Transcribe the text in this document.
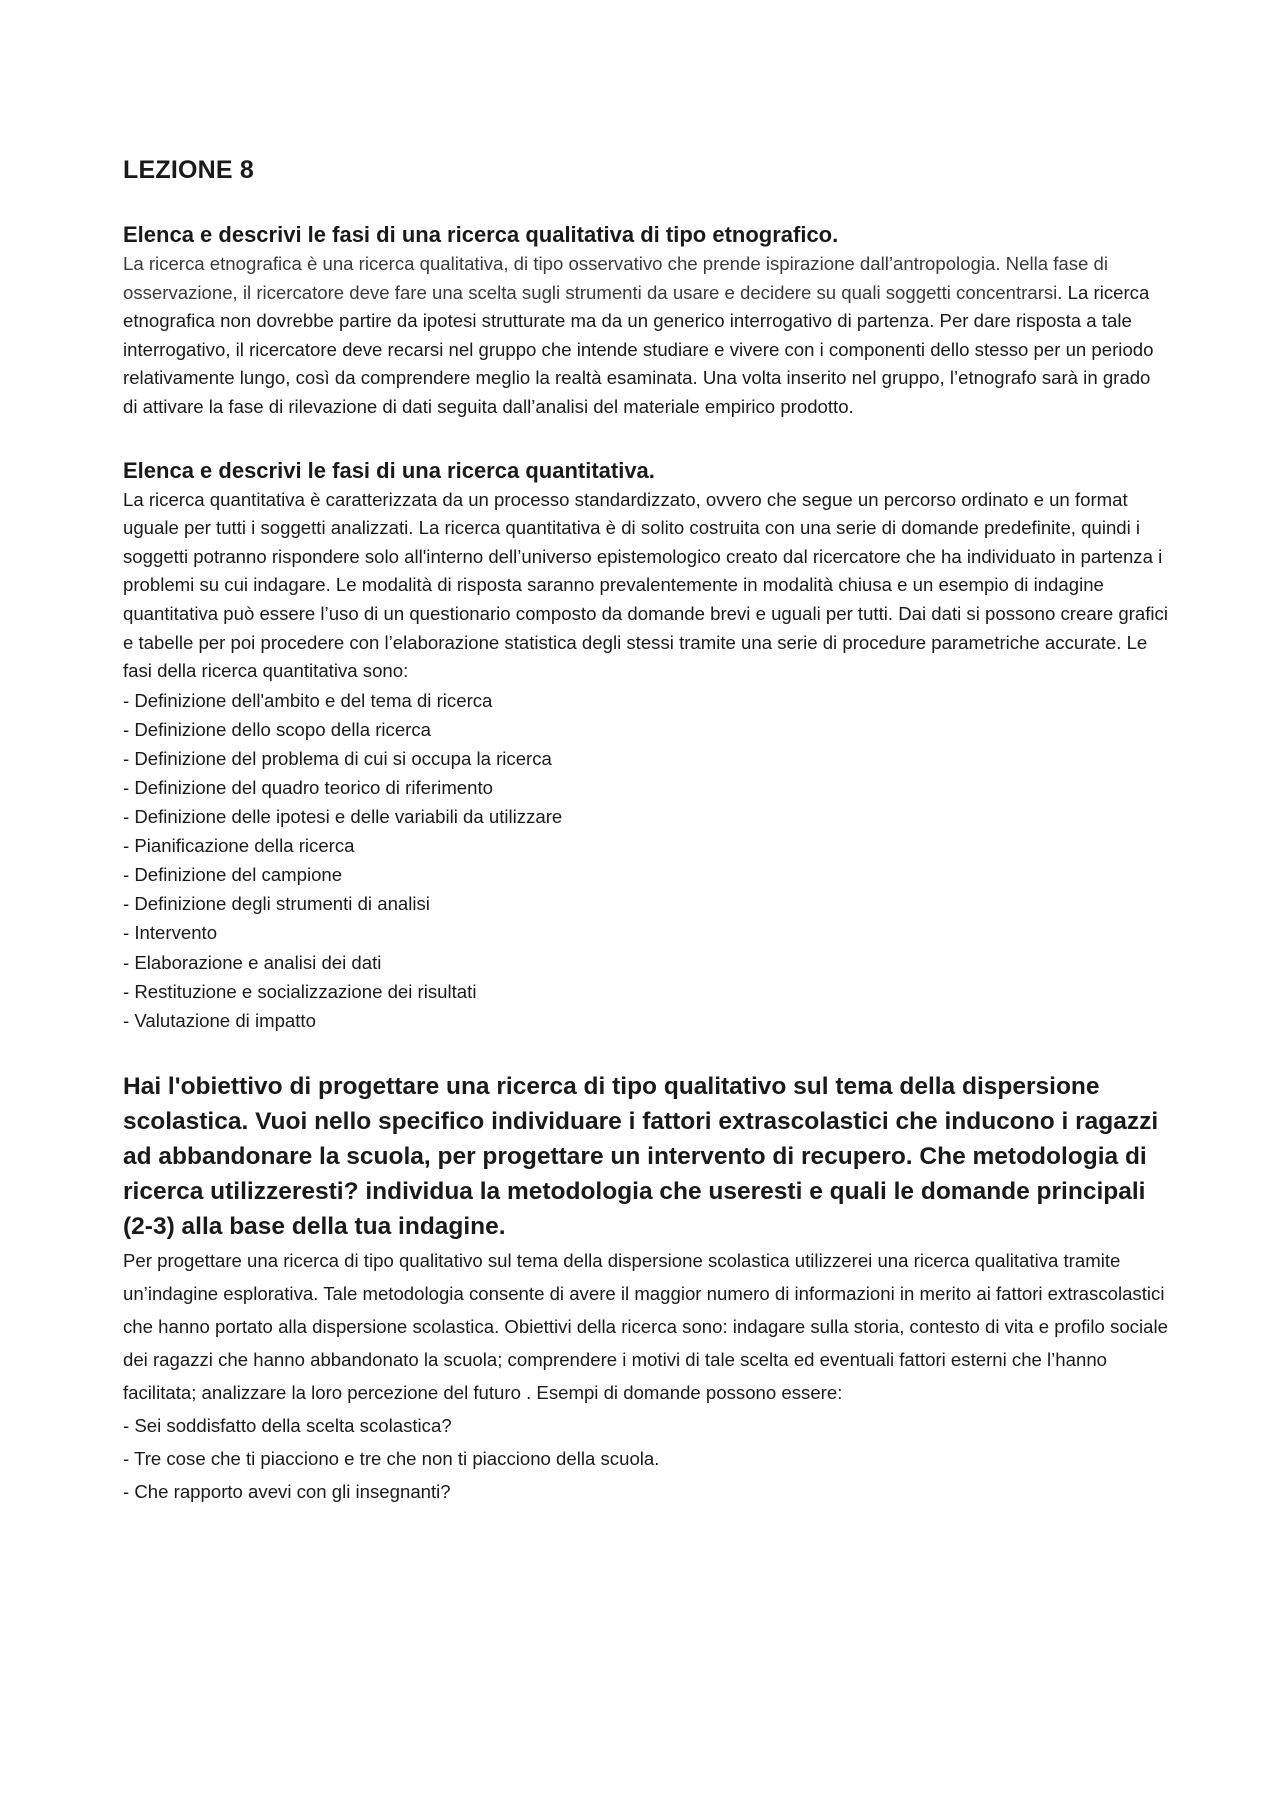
LEZIONE 8
Elenca e descrivi le fasi di una ricerca qualitativa di tipo etnografico.

La ricerca etnografica è una ricerca qualitativa, di tipo osservativo che prende ispirazione dall’antropologia. Nella fase di osservazione, il ricercatore deve fare una scelta sugli strumenti da usare e decidere su quali soggetti concentrarsi. La ricerca etnografica non dovrebbe partire da ipotesi strutturate ma da un generico interrogativo di partenza. Per dare risposta a tale interrogativo, il ricercatore deve recarsi nel gruppo che intende studiare e vivere con i componenti dello stesso per un periodo relativamente lungo, così da comprendere meglio la realtà esaminata. Una volta inserito nel gruppo, l’etnografo sarà in grado di attivare la fase di rilevazione di dati seguita dall’analisi del materiale empirico prodotto.

Elenca e descrivi le fasi di una ricerca quantitativa.

La ricerca quantitativa è caratterizzata da un processo standardizzato, ovvero che segue un percorso ordinato e un format uguale per tutti i soggetti analizzati. La ricerca quantitativa è di solito costruita con una serie di domande predefinite, quindi i soggetti potranno rispondere solo all'interno dell’universo epistemologico creato dal ricercatore che ha individuato in partenza i problemi su cui indagare. Le modalità di risposta saranno prevalentemente in modalità chiusa e un esempio di indagine quantitativa può essere l’uso di un questionario composto da domande brevi e uguali per tutti. Dai dati si possono creare grafici e tabelle per poi procedere con l’elaborazione statistica degli stessi tramite una serie di procedure parametriche accurate. Le fasi della ricerca quantitativa sono:

- Definizione dell'ambito e del tema di ricerca
- Definizione dello scopo della ricerca
- Definizione del problema di cui si occupa la ricerca
- Definizione del quadro teorico di riferimento
- Definizione delle ipotesi e delle variabili da utilizzare
- Pianificazione della ricerca
- Definizione del campione
- Definizione degli strumenti di analisi
- Intervento
- Elaborazione e analisi dei dati
- Restituzione e socializzazione dei risultati
- Valutazione di impatto
Hai l'obiettivo di progettare una ricerca di tipo qualitativo sul tema della dispersione scolastica. Vuoi nello specifico individuare i fattori extrascolastici che inducono i ragazzi ad abbandonare la scuola, per progettare un intervento di recupero. Che metodologia di ricerca utilizzeresti? individua la metodologia che useresti e quali le domande principali (2-3) alla base della tua indagine.

Per progettare una ricerca di tipo qualitativo sul tema della dispersione scolastica utilizzerei una ricerca qualitativa tramite un’indagine esplorativa. Tale metodologia consente di avere il maggior numero di informazioni in merito ai fattori extrascolastici che hanno portato alla dispersione scolastica. Obiettivi della ricerca sono: indagare sulla storia, contesto di vita e profilo sociale dei ragazzi che hanno abbandonato la scuola; comprendere i motivi di tale scelta ed eventuali fattori esterni che l’hanno facilitata; analizzare la loro percezione del futuro . Esempi di domande possono essere:

- Sei soddisfatto della scelta scolastica?
- Tre cose che ti piacciono e tre che non ti piacciono della scuola.
- Che rapporto avevi con gli insegnanti?
